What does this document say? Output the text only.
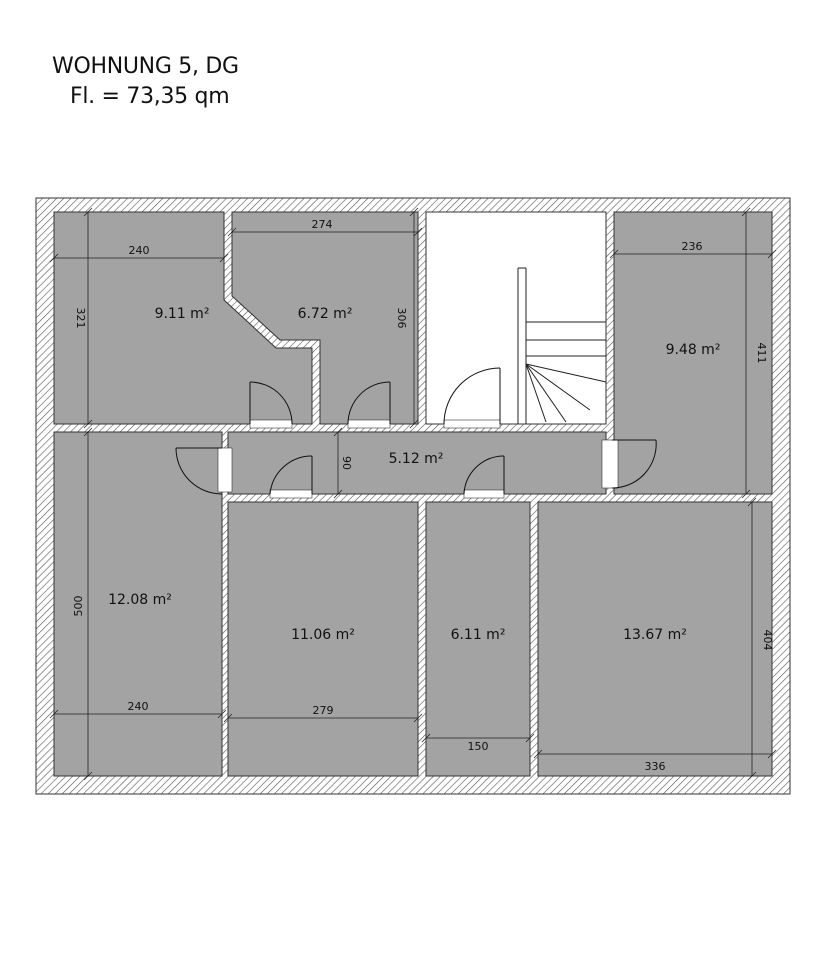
WOHNUNG 5, DG
Fl. = 73,35 qm
9.11 m²	6.72 m²
9.48 m²
5.12 m²
12.08 m²
11.06 m²	6.11 m²	13.67 m²
240
321
274
306
236
411
90
500
240	279
150
336
404
